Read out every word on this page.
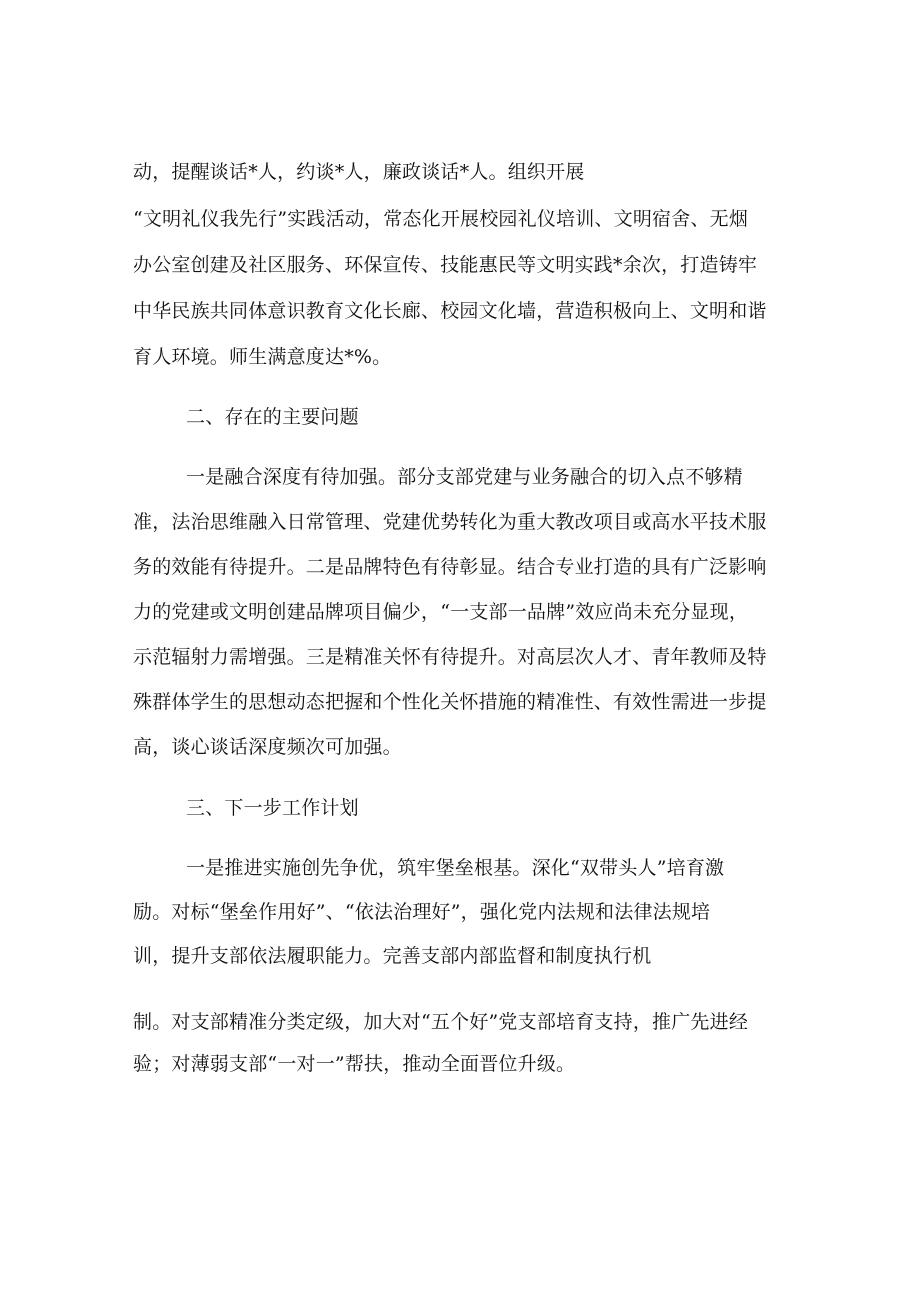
动，提醒谈话*人，约谈*人，廉政谈话*人。组织开展
“文明礼仪我先行”实践活动，常态化开展校园礼仪培训、文明宿舍、无烟
办公室创建及社区服务、环保宣传、技能惠民等文明实践*余次，打造铸牢
中华民族共同体意识教育文化长廊、校园文化墙，营造积极向上、文明和谐
育人环境。师生满意度达*%。
二、存在的主要问题
一是融合深度有待加强。部分支部党建与业务融合的切入点不够精
准，法治思维融入日常管理、党建优势转化为重大教改项目或高水平技术服
务的效能有待提升。二是品牌特色有待彰显。结合专业打造的具有广泛影响
力的党建或文明创建品牌项目偏少，“一支部一品牌”效应尚未充分显现，
示范辐射力需增强。三是精准关怀有待提升。对高层次人才、青年教师及特
殊群体学生的思想动态把握和个性化关怀措施的精准性、有效性需进一步提
高，谈心谈话深度频次可加强。
三、下一步工作计划
一是推进实施创先争优，筑牢堡垒根基。深化“双带头人”培育激
励。对标“堡垒作用好”、“依法治理好”，强化党内法规和法律法规培
训，提升支部依法履职能力。完善支部内部监督和制度执行机
制。对支部精准分类定级，加大对“五个好”党支部培育支持，推广先进经
验；对薄弱支部“一对一”帮扶，推动全面晋位升级。
